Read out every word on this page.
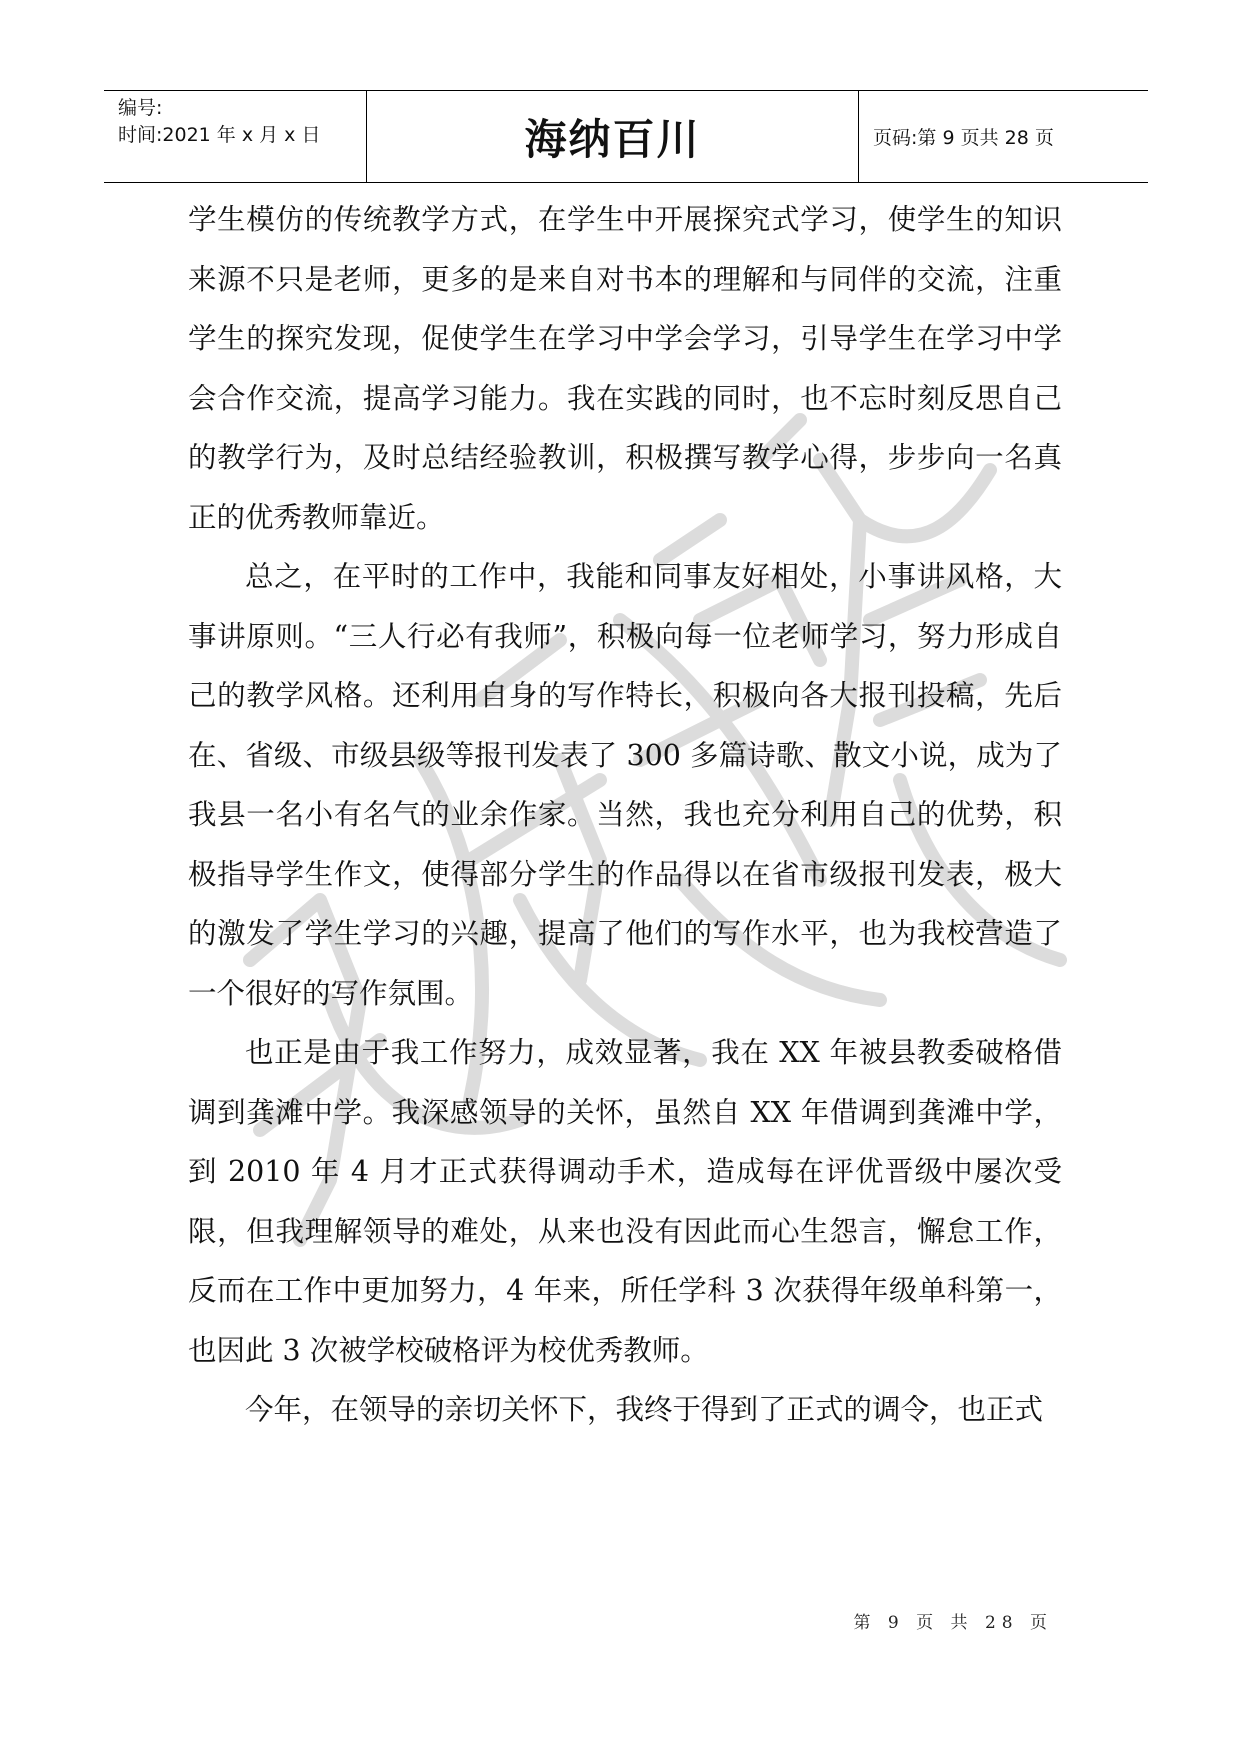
编号:
时间:2021 年 x 月 x 日	海纳百川	页码:第 9 页共 28 页

学生模仿的传统教学方式，在学生中开展探究式学习，使学生的知识来源不只是老师，更多的是来自对书本的理解和与同伴的交流，注重学生的探究发现，促使学生在学习中学会学习，引导学生在学习中学会合作交流，提高学习能力。我在实践的同时，也不忘时刻反思自己的教学行为，及时总结经验教训，积极撰写教学心得，步步向一名真正的优秀教师靠近。

总之，在平时的工作中，我能和同事友好相处，小事讲风格，大事讲原则。“三人行必有我师”，积极向每一位老师学习，努力形成自己的教学风格。还利用自身的写作特长，积极向各大报刊投稿，先后在、省级、市级县级等报刊发表了 300 多篇诗歌、散文小说，成为了我县一名小有名气的业余作家。当然，我也充分利用自己的优势，积极指导学生作文，使得部分学生的作品得以在省市级报刊发表，极大的激发了学生学习的兴趣，提高了他们的写作水平，也为我校营造了一个很好的写作氛围。

也正是由于我工作努力，成效显著，我在 XX 年被县教委破格借调到龚滩中学。我深感领导的关怀，虽然自 XX 年借调到龚滩中学，到 2010 年 4 月才正式获得调动手术，造成每在评优晋级中屡次受限，但我理解领导的难处，从来也没有因此而心生怨言，懈怠工作，反而在工作中更加努力，4 年来，所任学科 3 次获得年级单科第一，也因此 3 次被学校破格评为校优秀教师。

今年，在领导的亲切关怀下，我终于得到了正式的调令，也正式

第 9 页 共 28 页
